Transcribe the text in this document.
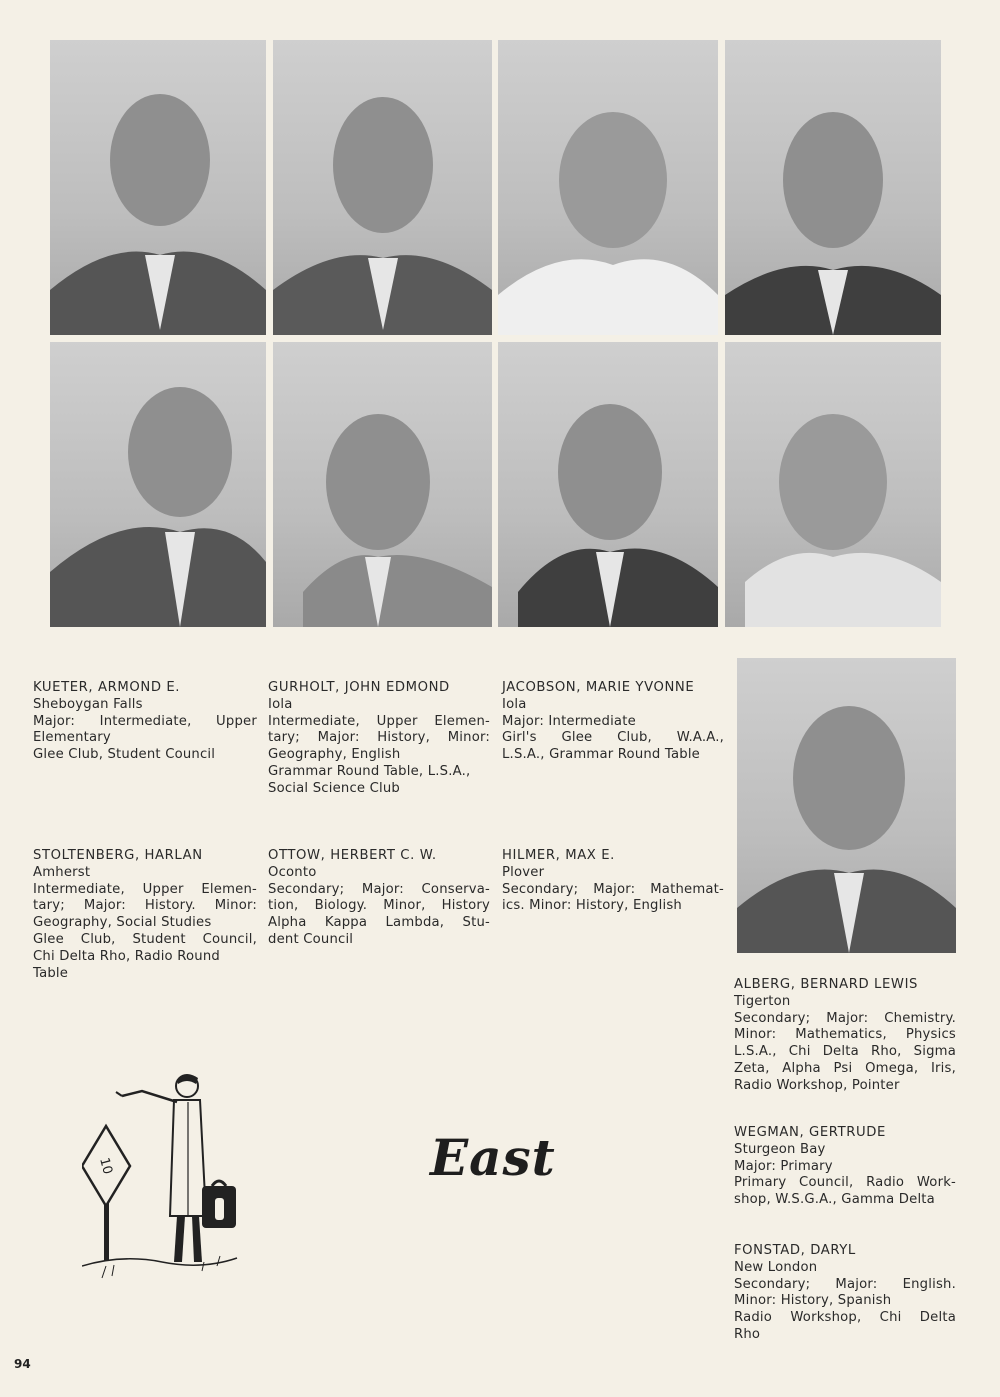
KUETER, ARMOND E.
Sheboygan Falls
Major: Intermediate, Upper
Elementary
Glee Club, Student Council
GURHOLT, JOHN EDMOND
Iola
Intermediate, Upper Elemen-
tary; Major: History, Minor:
Geography, English
Grammar Round Table, L.S.A.,
Social Science Club
JACOBSON, MARIE YVONNE
Iola
Major: Intermediate
Girl's Glee Club, W.A.A.,
L.S.A., Grammar Round Table
STOLTENBERG, HARLAN
Amherst
Intermediate, Upper Elemen-
tary; Major: History. Minor:
Geography, Social Studies
Glee Club, Student Council,
Chi Delta Rho, Radio Round
Table
OTTOW, HERBERT C. W.
Oconto
Secondary; Major: Conserva-
tion, Biology. Minor, History
Alpha Kappa Lambda, Stu-
dent Council
HILMER, MAX E.
Plover
Secondary; Major: Mathemat-
ics. Minor: History, English
ALBERG, BERNARD LEWIS
Tigerton
Secondary; Major: Chemistry.
Minor: Mathematics, Physics
L.S.A., Chi Delta Rho, Sigma
Zeta, Alpha Psi Omega, Iris,
Radio Workshop, Pointer
WEGMAN, GERTRUDE
Sturgeon Bay
Major: Primary
Primary Council, Radio Work-
shop, W.S.G.A., Gamma Delta
FONSTAD, DARYL
New London
Secondary; Major: English.
Minor: History, Spanish
Radio Workshop, Chi Delta
Rho
10	East
94
